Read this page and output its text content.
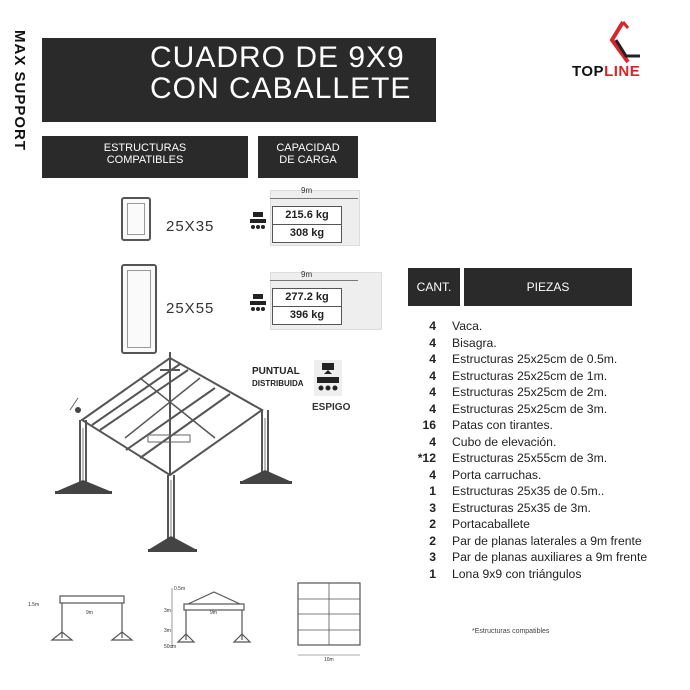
MAX SUPPORT	CUADRO DE 9X9
CON CABALLETE
TOPLINE
ESTRUCTURAS
COMPATIBLES
CAPACIDAD
DE CARGA
25X35
9m
215.6 kg
308 kg
25X55
9m
277.2 kg
396 kg
PUNTUAL
DISTRIBUIDA
ESPIGO
CANT.	PIEZAS
4	Vaca.
4	Bisagra.
4	Estructuras 25x25cm de 0.5m.
4	Estructuras 25x25cm de 1m.
4	Estructuras 25x25cm de 2m.
4	Estructuras 25x25cm de 3m.
16	Patas con tirantes.
4	Cubo de elevación.
*12	Estructuras 25x55cm de 3m.
4	Porta carruchas.
1	Estructuras 25x35 de 0.5m..
3	Estructuras 25x35 de 3m.
2	Portacaballete
2	Par de planas laterales a 9m frente
3	Par de planas auxiliares a 9m frente
1	Lona 9x9 con triángulos
*Estructuras compatibles
1.5m
9m
0.5m
9m
3m
3m
50cm
10m
